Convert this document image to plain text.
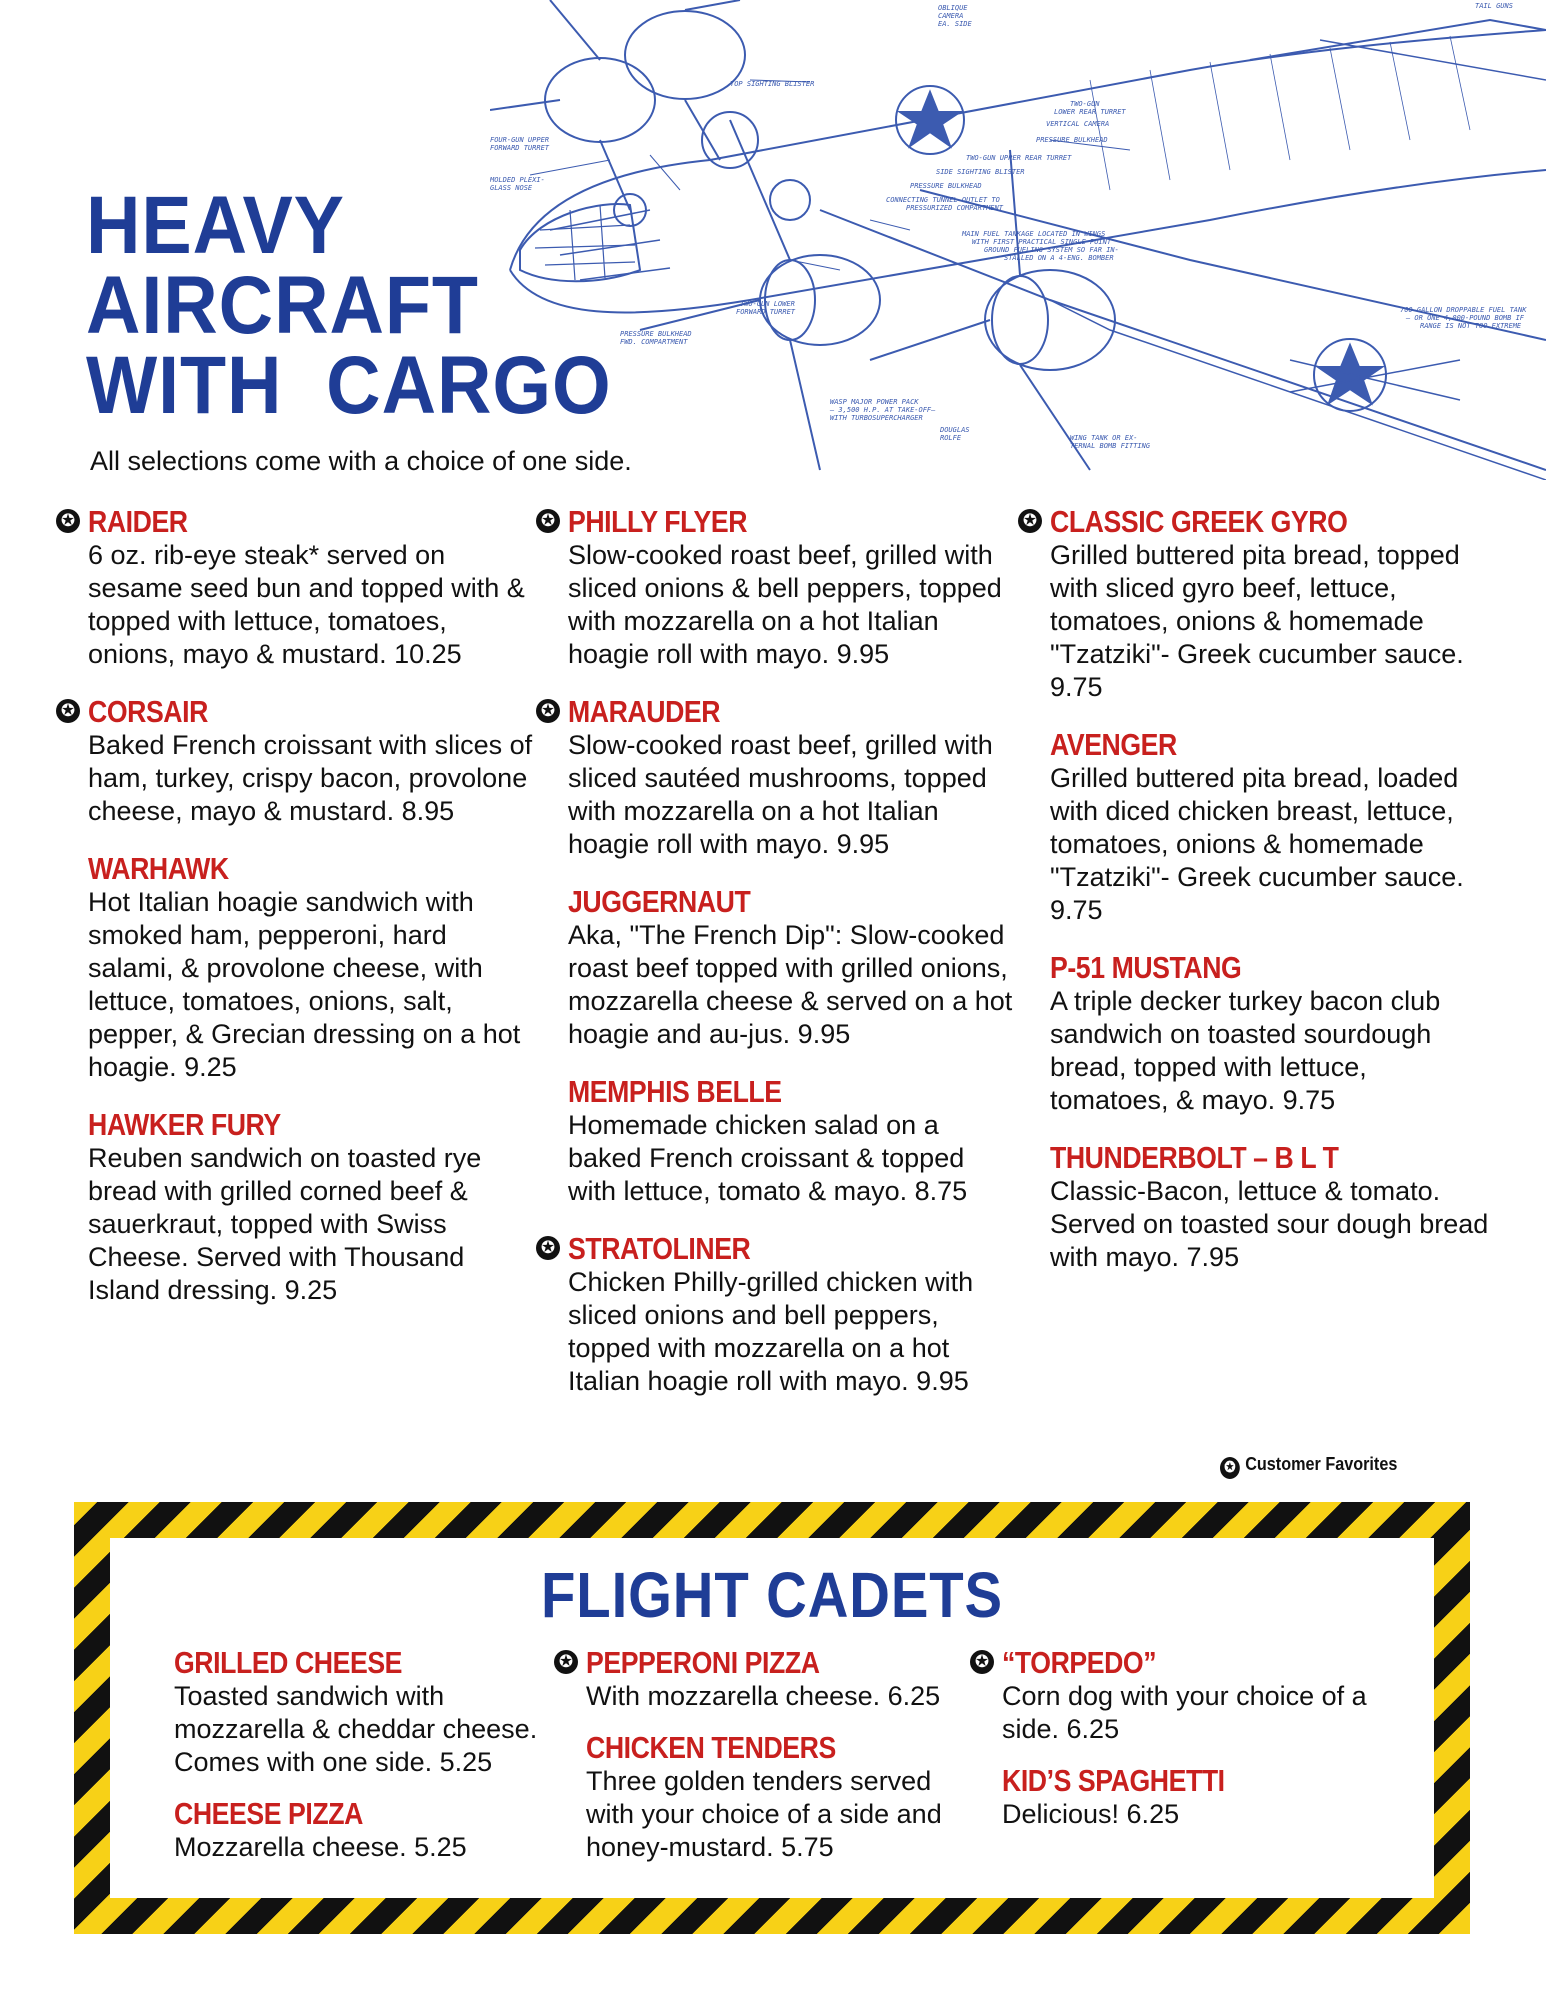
TAIL GUNS
OBLIQUE
CAMERA
EA. SIDE
TOP SIGHTING BLISTER
TWO-GUN
LOWER REAR TURRET
VERTICAL CAMERA
PRESSURE BULKHEAD
TWO-GUN UPPER REAR TURRET
SIDE SIGHTING BLISTER
PRESSURE BULKHEAD
CONNECTING TUNNEL OUTLET TO
PRESSURIZED COMPARTMENT
FOUR-GUN UPPER
FORWARD TURRET
MOLDED PLEXI-
GLASS NOSE
MAIN FUEL TANKAGE LOCATED IN WINGS
WITH FIRST PRACTICAL SINGLE-POINT
GROUND FUELING SYSTEM SO FAR IN-
STALLED ON A 4-ENG. BOMBER
TWO-GUN LOWER
FORWARD TURRET
PRESSURE BULKHEAD
FWD. COMPARTMENT
700-GALLON DROPPABLE FUEL TANK
— OR ONE 4,000-POUND BOMB IF
RANGE IS NOT TOO EXTREME
WASP MAJOR POWER PACK
— 3,500 H.P. AT TAKE-OFF—
WITH TURBOSUPERCHARGER
DOUGLAS
ROLFE	WING TANK OR EX-
TERNAL BOMB FITTING
HEAVY
AIRCRAFT
WITH  CARGO
All selections come with a choice of one side.
✪ RAIDER
6 oz. rib-eye steak* served on sesame seed bun and topped with & topped with lettuce, tomatoes, onions, mayo & mustard. 10.25
✪ CORSAIR
Baked French croissant with slices of ham, turkey, crispy bacon, provolone cheese, mayo & mustard. 8.95
WARHAWK
Hot Italian hoagie sandwich with smoked ham, pepperoni, hard salami, & provolone cheese, with lettuce, tomatoes, onions, salt, pepper, & Grecian dressing on a hot hoagie. 9.25
HAWKER FURY
Reuben sandwich on toasted rye bread with grilled corned beef & sauerkraut, topped with Swiss Cheese. Served with Thousand Island dressing. 9.25
✪ PHILLY FLYER
Slow-cooked roast beef, grilled with sliced onions & bell peppers, topped with mozzarella on a hot Italian hoagie roll with mayo. 9.95
✪ MARAUDER
Slow-cooked roast beef, grilled with sliced sautéed mushrooms, topped with mozzarella on a hot Italian hoagie roll with mayo. 9.95
JUGGERNAUT
Aka, "The French Dip": Slow-cooked roast beef topped with grilled onions, mozzarella cheese & served on a hot hoagie and au-jus. 9.95
MEMPHIS BELLE
Homemade chicken salad on a baked French croissant & topped with lettuce, tomato & mayo. 8.75
✪ STRATOLINER
Chicken Philly-grilled chicken with sliced onions and bell peppers, topped with mozzarella on a hot Italian hoagie roll with mayo. 9.95
✪ CLASSIC GREEK GYRO
Grilled buttered pita bread, topped with sliced gyro beef, lettuce, tomatoes, onions & homemade "Tzatziki"- Greek cucumber sauce. 9.75
AVENGER
Grilled buttered pita bread, loaded with diced chicken breast, lettuce, tomatoes, onions & homemade "Tzatziki"- Greek cucumber sauce. 9.75
P-51 MUSTANG
A triple decker turkey bacon club sandwich on toasted sourdough bread, topped with lettuce, tomatoes, & mayo. 9.75
THUNDERBOLT – B L T
Classic-Bacon, lettuce & tomato. Served on toasted sour dough bread with mayo. 7.95
✪ Customer Favorites
FLIGHT CADETS
GRILLED CHEESE
Toasted sandwich with mozzarella & cheddar cheese. Comes with one side. 5.25
CHEESE PIZZA
Mozzarella cheese. 5.25
✪ PEPPERONI PIZZA
With mozzarella cheese. 6.25
CHICKEN TENDERS
Three golden tenders served with your choice of a side and honey-mustard. 5.75
✪ “TORPEDO”
Corn dog with your choice of a side. 6.25
KID’S SPAGHETTI
Delicious! 6.25
